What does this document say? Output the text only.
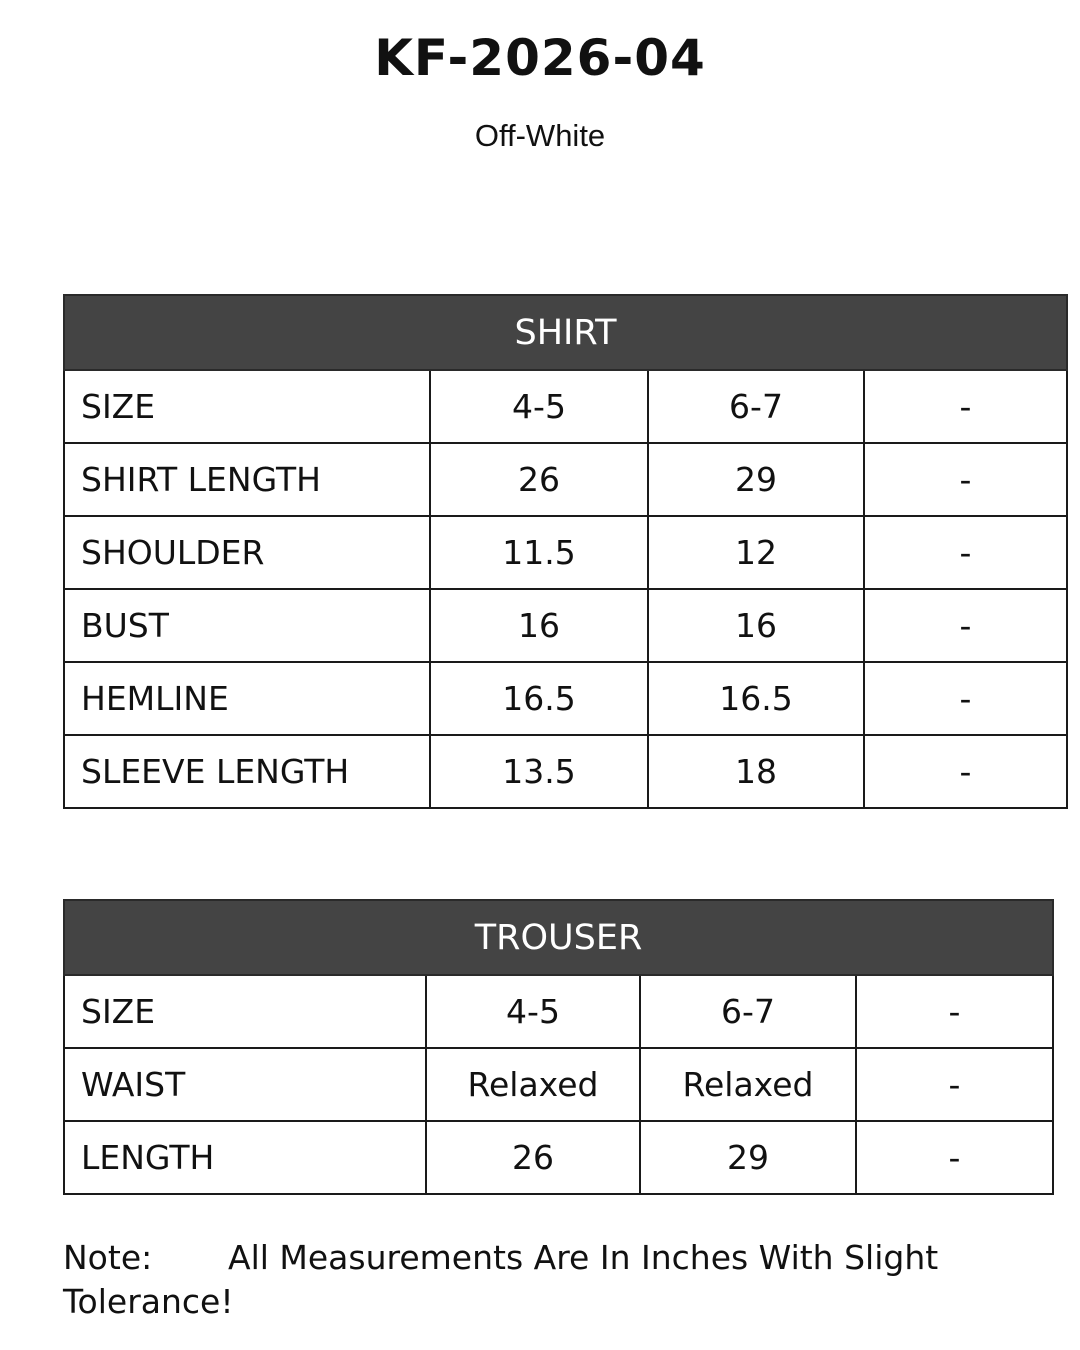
KF-2026-04
Off-White
SHIRT			
SIZE	4-5	6-7	-
SHIRT LENGTH	26	29	-
SHOULDER	11.5	12	-
BUST	16	16	-
HEMLINE	16.5	16.5	-
SLEEVE LENGTH	13.5	18	-
TROUSER			
SIZE	4-5	6-7	-
WAIST	Relaxed	Relaxed	-
LENGTH	26	29	-
Note: All Measurements Are In Inches With Slight Tolerance!
